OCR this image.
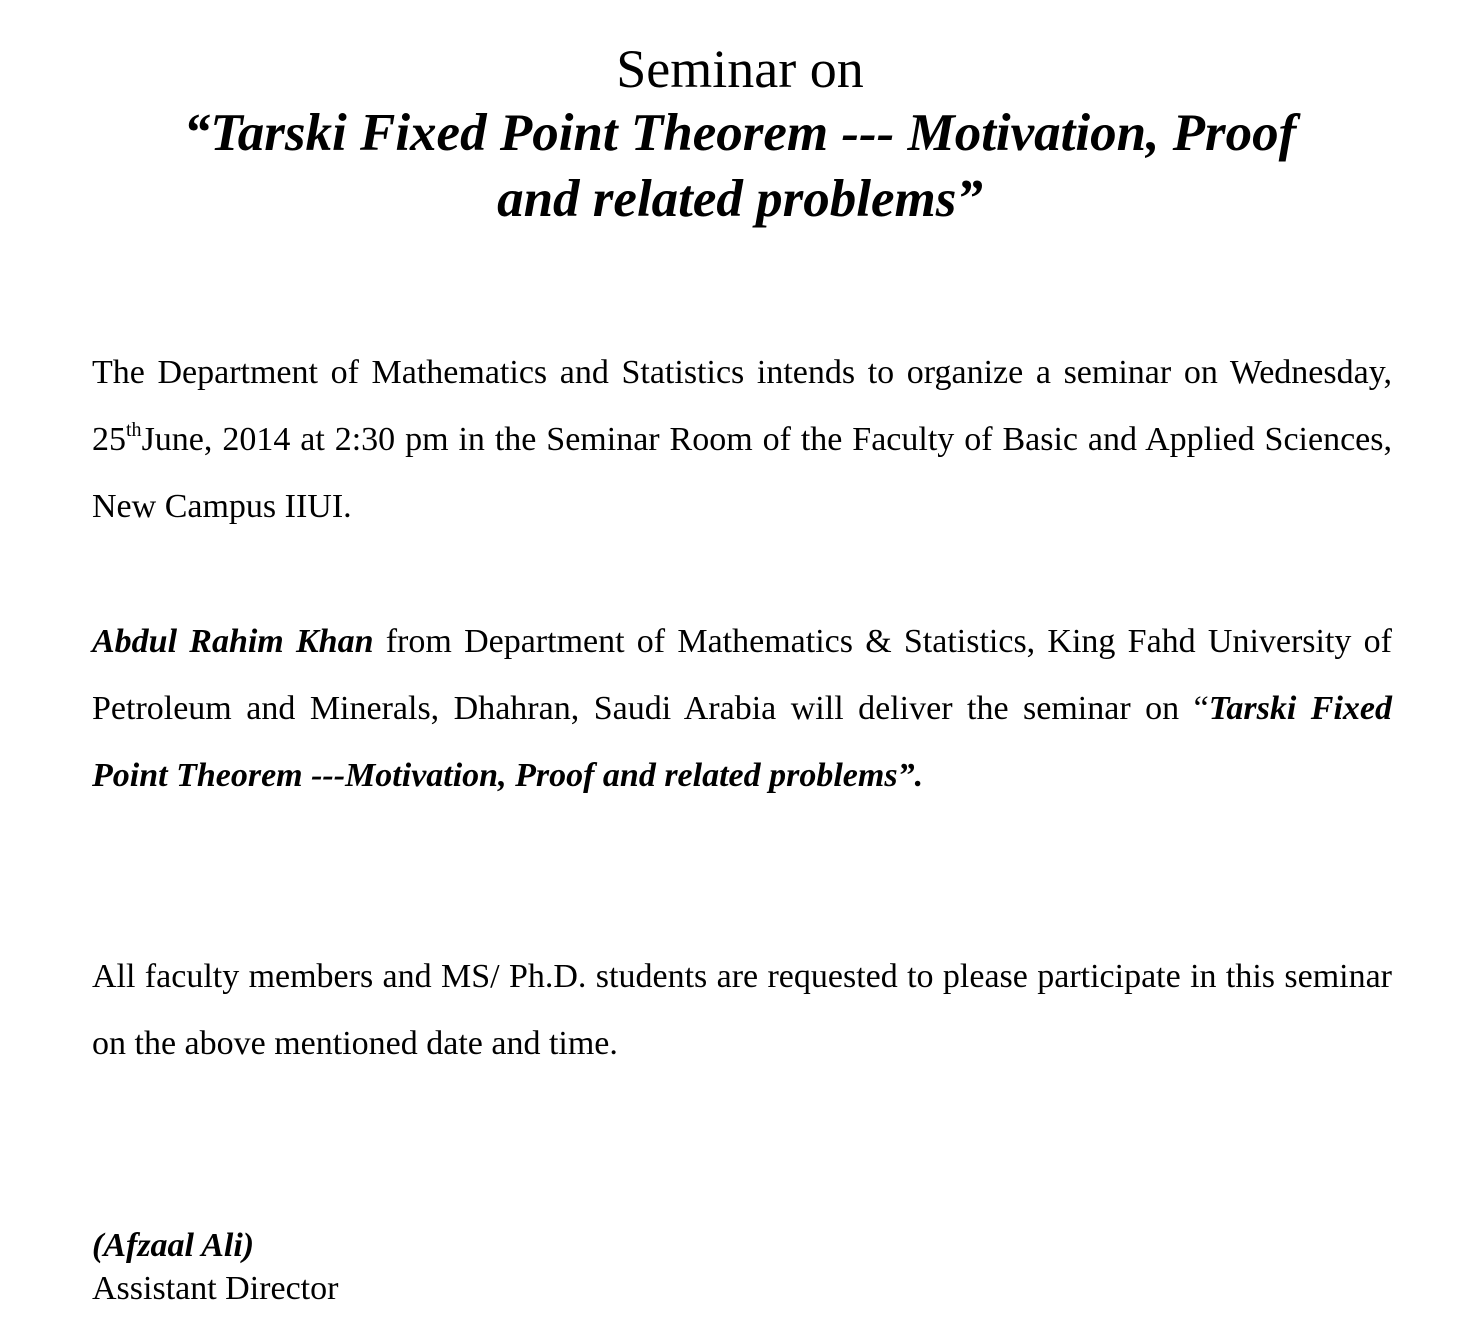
Seminar on

“Tarski Fixed Point Theorem --- Motivation, Proof

and related problems”

The Department of Mathematics and Statistics intends to organize a seminar on Wednesday, 25thJune, 2014 at 2:30 pm in the Seminar Room of the Faculty of Basic and Applied Sciences, New Campus IIUI.

Abdul Rahim Khan from Department of Mathematics & Statistics, King Fahd University of Petroleum and Minerals, Dhahran, Saudi Arabia will deliver the seminar on “Tarski Fixed Point Theorem ---Motivation, Proof and related problems”.

All faculty members and MS/ Ph.D. students are requested to please participate in this seminar on the above mentioned date and time.

(Afzaal Ali)
Assistant Director
